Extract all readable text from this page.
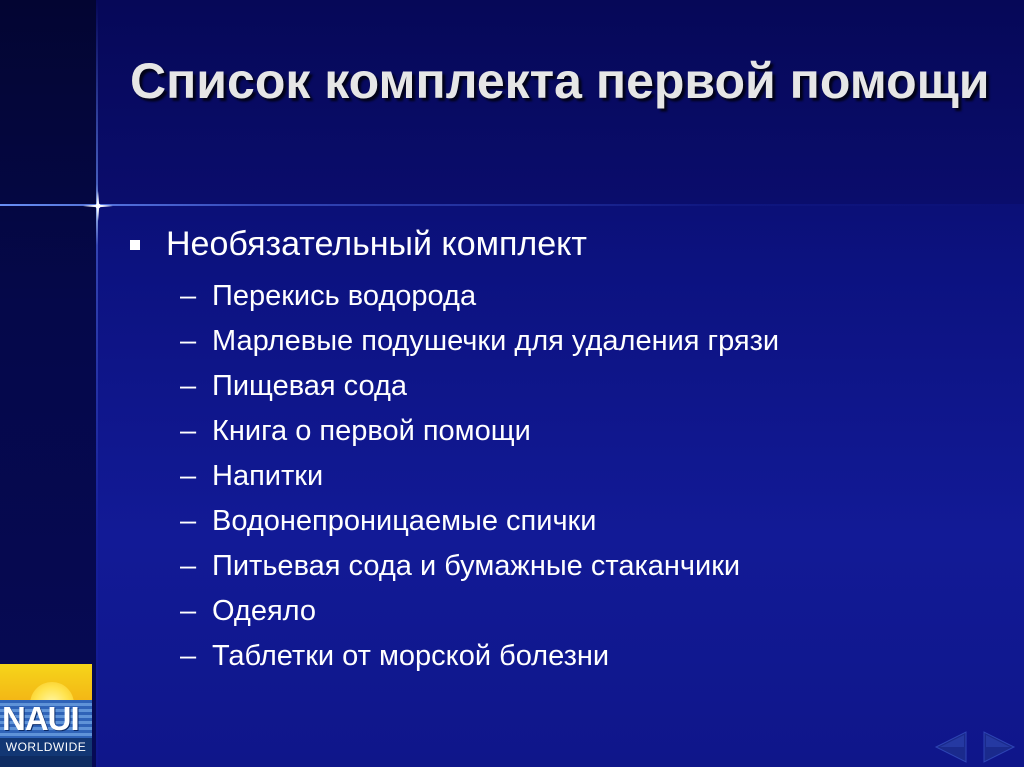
Список комплекта первой помощи
Необязательный комплект
– Перекись водорода
– Марлевые подушечки для удаления грязи
– Пищевая сода
– Книга о первой помощи
– Напитки
– Водонепроницаемые спички
– Питьевая сода и бумажные стаканчики
– Одеяло
– Таблетки от морской болезни
NAUI
WORLDWIDE
